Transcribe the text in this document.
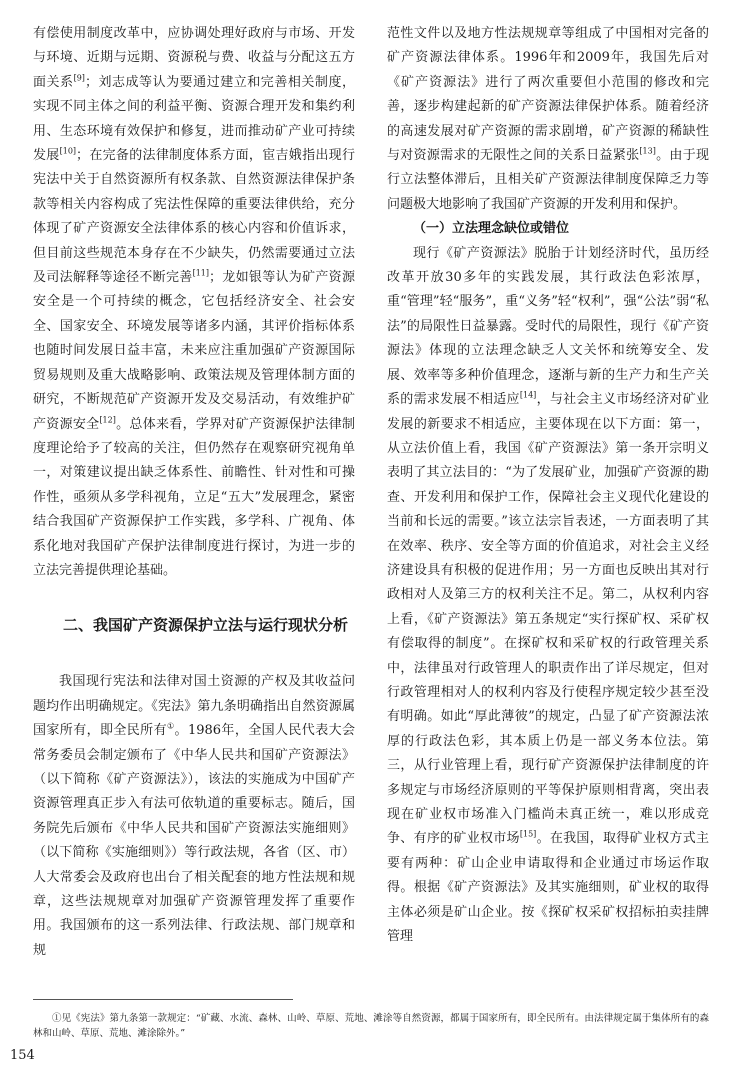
有偿使用制度改革中，应协调处理好政府与市场、开发与环境、近期与远期、资源税与费、收益与分配这五方面关系[9]；刘志成等认为要通过建立和完善相关制度，实现不同主体之间的利益平衡、资源合理开发和集约利用、生态环境有效保护和修复，进而推动矿产业可持续发展[10]；在完备的法律制度体系方面，宦吉娥指出现行宪法中关于自然资源所有权条款、自然资源法律保护条款等相关内容构成了宪法性保障的重要法律供给，充分体现了矿产资源安全法律体系的核心内容和价值诉求，但目前这些规范本身存在不少缺失，仍然需要通过立法及司法解释等途径不断完善[11]；龙如银等认为矿产资源安全是一个可持续的概念，它包括经济安全、社会安全、国家安全、环境发展等诸多内涵，其评价指标体系也随时间发展日益丰富，未来应注重加强矿产资源国际贸易规则及重大战略影响、政策法规及管理体制方面的研究，不断规范矿产资源开发及交易活动，有效维护矿产资源安全[12]。总体来看，学界对矿产资源保护法律制度理论给予了较高的关注，但仍然存在观察研究视角单一，对策建议提出缺乏体系性、前瞻性、针对性和可操作性，亟须从多学科视角，立足“五大”发展理念，紧密结合我国矿产资源保护工作实践，多学科、广视角、体系化地对我国矿产保护法律制度进行探讨，为进一步的立法完善提供理论基础。

二、我国矿产资源保护立法与运行现状分析

我国现行宪法和法律对国土资源的产权及其收益问题均作出明确规定。《宪法》第九条明确指出自然资源属国家所有，即全民所有①。1986年，全国人民代表大会常务委员会制定颁布了《中华人民共和国矿产资源法》（以下简称《矿产资源法》），该法的实施成为中国矿产资源管理真正步入有法可依轨道的重要标志。随后，国务院先后颁布《中华人民共和国矿产资源法实施细则》（以下简称《实施细则》）等行政法规，各省（区、市）人大常委会及政府也出台了相关配套的地方性法规和规章，这些法规规章对加强矿产资源管理发挥了重要作用。我国颁布的这一系列法律、行政法规、部门规章和规

范性文件以及地方性法规规章等组成了中国相对完备的矿产资源法律体系。1996年和2009年，我国先后对《矿产资源法》进行了两次重要但小范围的修改和完善，逐步构建起新的矿产资源法律保护体系。随着经济的高速发展对矿产资源的需求剧增，矿产资源的稀缺性与对资源需求的无限性之间的关系日益紧张[13]。由于现行立法整体滞后，且相关矿产资源法律制度保障乏力等问题极大地影响了我国矿产资源的开发利用和保护。

（一）立法理念缺位或错位

现行《矿产资源法》脱胎于计划经济时代，虽历经改革开放30多年的实践发展，其行政法色彩浓厚，重“管理”轻“服务”，重“义务”轻“权利”，强“公法”弱“私法”的局限性日益暴露。受时代的局限性，现行《矿产资源法》体现的立法理念缺乏人文关怀和统筹安全、发展、效率等多种价值理念，逐渐与新的生产力和生产关系的需求发展不相适应[14]，与社会主义市场经济对矿业发展的新要求不相适应，主要体现在以下方面：第一，从立法价值上看，我国《矿产资源法》第一条开宗明义表明了其立法目的：“为了发展矿业，加强矿产资源的勘查、开发利用和保护工作，保障社会主义现代化建设的当前和长远的需要。”该立法宗旨表述，一方面表明了其在效率、秩序、安全等方面的价值追求，对社会主义经济建设具有积极的促进作用；另一方面也反映出其对行政相对人及第三方的权利关注不足。第二，从权利内容上看，《矿产资源法》第五条规定“实行探矿权、采矿权有偿取得的制度”。在探矿权和采矿权的行政管理关系中，法律虽对行政管理人的职责作出了详尽规定，但对行政管理相对人的权利内容及行使程序规定较少甚至没有明确。如此“厚此薄彼”的规定，凸显了矿产资源法浓厚的行政法色彩，其本质上仍是一部义务本位法。第三，从行业管理上看，现行矿产资源保护法律制度的许多规定与市场经济原则的平等保护原则相背离，突出表现在矿业权市场准入门槛尚未真正统一，难以形成竞争、有序的矿业权市场[15]。在我国，取得矿业权方式主要有两种：矿山企业申请取得和企业通过市场运作取得。根据《矿产资源法》及其实施细则，矿业权的取得主体必须是矿山企业。按《探矿权采矿权招标拍卖挂牌管理

①见《宪法》第九条第一款规定：“矿藏、水流、森林、山岭、草原、荒地、滩涂等自然资源，都属于国家所有，即全民所有。由法律规定属于集体所有的森林和山岭、草原、荒地、滩涂除外。”

154
